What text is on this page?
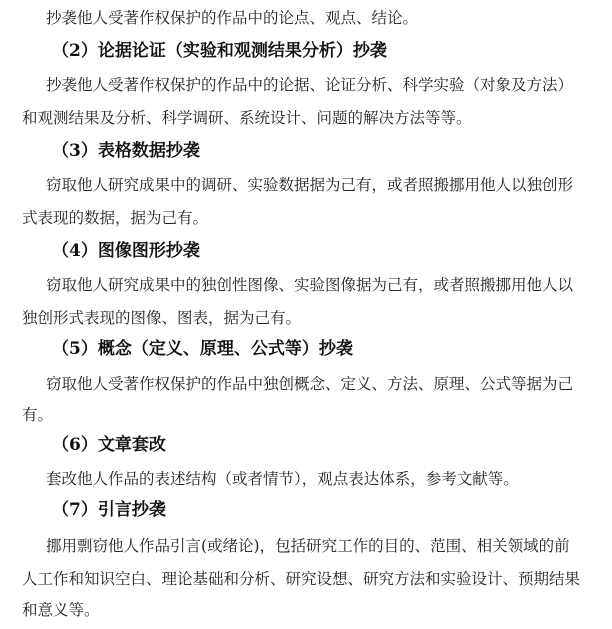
抄袭他人受著作权保护的作品中的论点、观点、结论。
（2）论据论证（实验和观测结果分析）抄袭
抄袭他人受著作权保护的作品中的论据、论证分析、科学实验（对象及方法）
和观测结果及分析、科学调研、系统设计、问题的解决方法等等。
（3）表格数据抄袭
窃取他人研究成果中的调研、实验数据据为己有，或者照搬挪用他人以独创形
式表现的数据，据为己有。
（4）图像图形抄袭
窃取他人研究成果中的独创性图像、实验图像据为己有，或者照搬挪用他人以
独创形式表现的图像、图表，据为己有。
（5）概念（定义、原理、公式等）抄袭
窃取他人受著作权保护的作品中独创概念、定义、方法、原理、公式等据为己
有。
（6）文章套改
套改他人作品的表述结构（或者情节），观点表达体系，参考文献等。
（7）引言抄袭
挪用剽窃他人作品引言(或绪论)，包括研究工作的目的、范围、相关领域的前
人工作和知识空白、理论基础和分析、研究设想、研究方法和实验设计、预期结果
和意义等。
